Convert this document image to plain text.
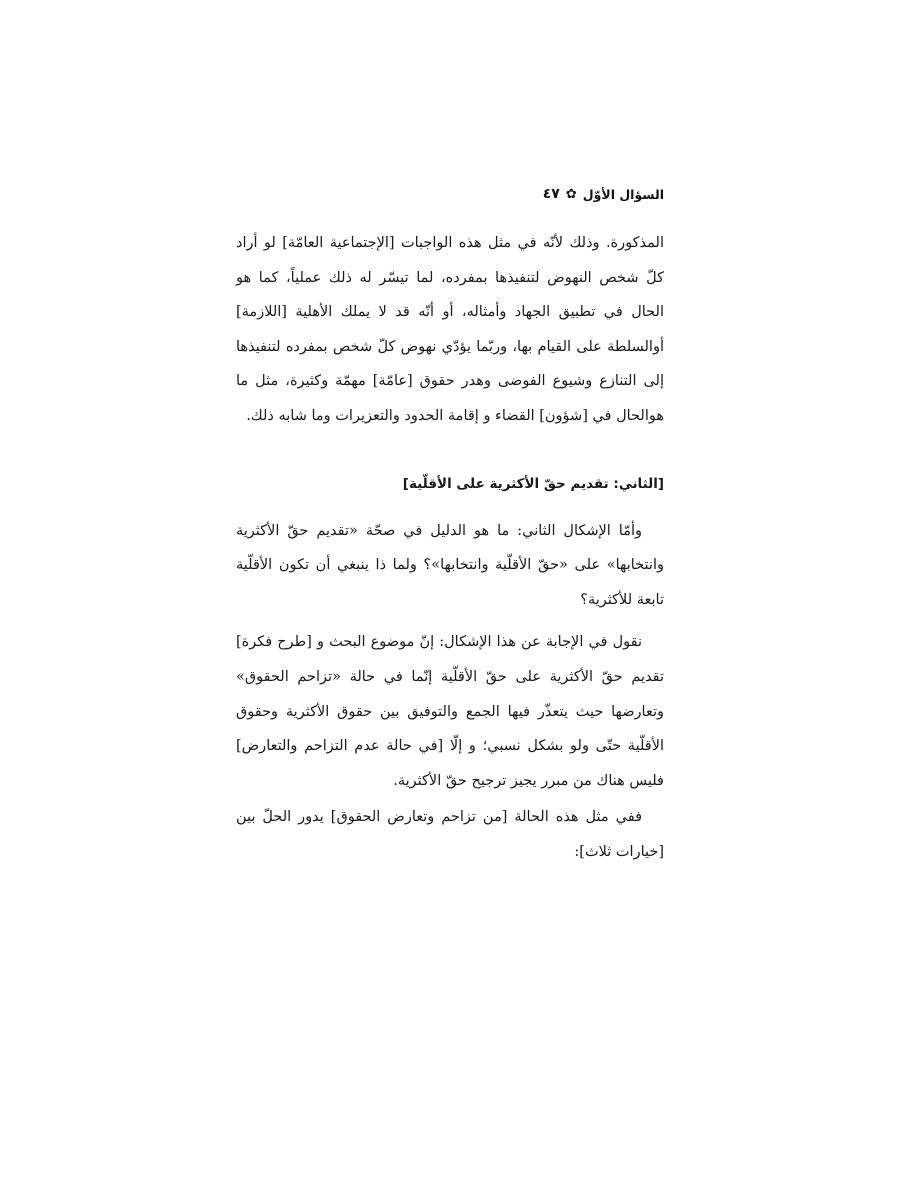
السؤال الأوّل
✿
٤٧

المذكورة. وذلك لأنّه في مثل هذه الواجبات [الإجتماعية العامّة] لو أراد كلّ شخص النهوض لتنفيذها بمفرده، لما تيسّر له ذلك عملياً، كما هو الحال في تطبيق الجهاد وأمثاله، أو أنّه قد لا يملك الأهلية [اللازمة] أوالسلطة على القيام بها، وربّما يؤدّي نهوض كلّ شخص بمفرده لتنفيذها إلى التنازع وشيوع الفوضى وهدر حقوق [عامّة] مهمّة وكثيرة، مثل ما هوالحال في [شؤون] القضاء و إقامة الحدود والتعزيرات وما شابه ذلك.

[الثاني: تقديم حقّ الأكثرية على الأقلّية]

وأمّا الإشكال الثاني: ما هو الدليل في صحّة «تقديم حقّ الأكثرية وانتخابها» على «حقّ الأقلّية وانتخابها»؟ ولما ذا ينبغي أن تكون الأقلّية تابعة للأكثرية؟

نقول في الإجابة عن هذا الإشكال: إنّ موضوع البحث و [طرح فكرة] تقديم حقّ الأكثرية على حقّ الأقلّية إنّما في حالة «تزاحم الحقوق» وتعارضها حيث يتعذّر فيها الجمع والتوفيق بين حقوق الأكثرية وحقوق الأقلّية حتّى ولو بشكل نسبي؛ و إلّا [في حالة عدم التزاحم والتعارض] فليس هناك من مبرر يجيز ترجيح حقّ الأكثرية.

ففي مثل هذه الحالة [من تزاحم وتعارض الحقوق] يدور الحلّ بين [خيارات ثلاث]:
